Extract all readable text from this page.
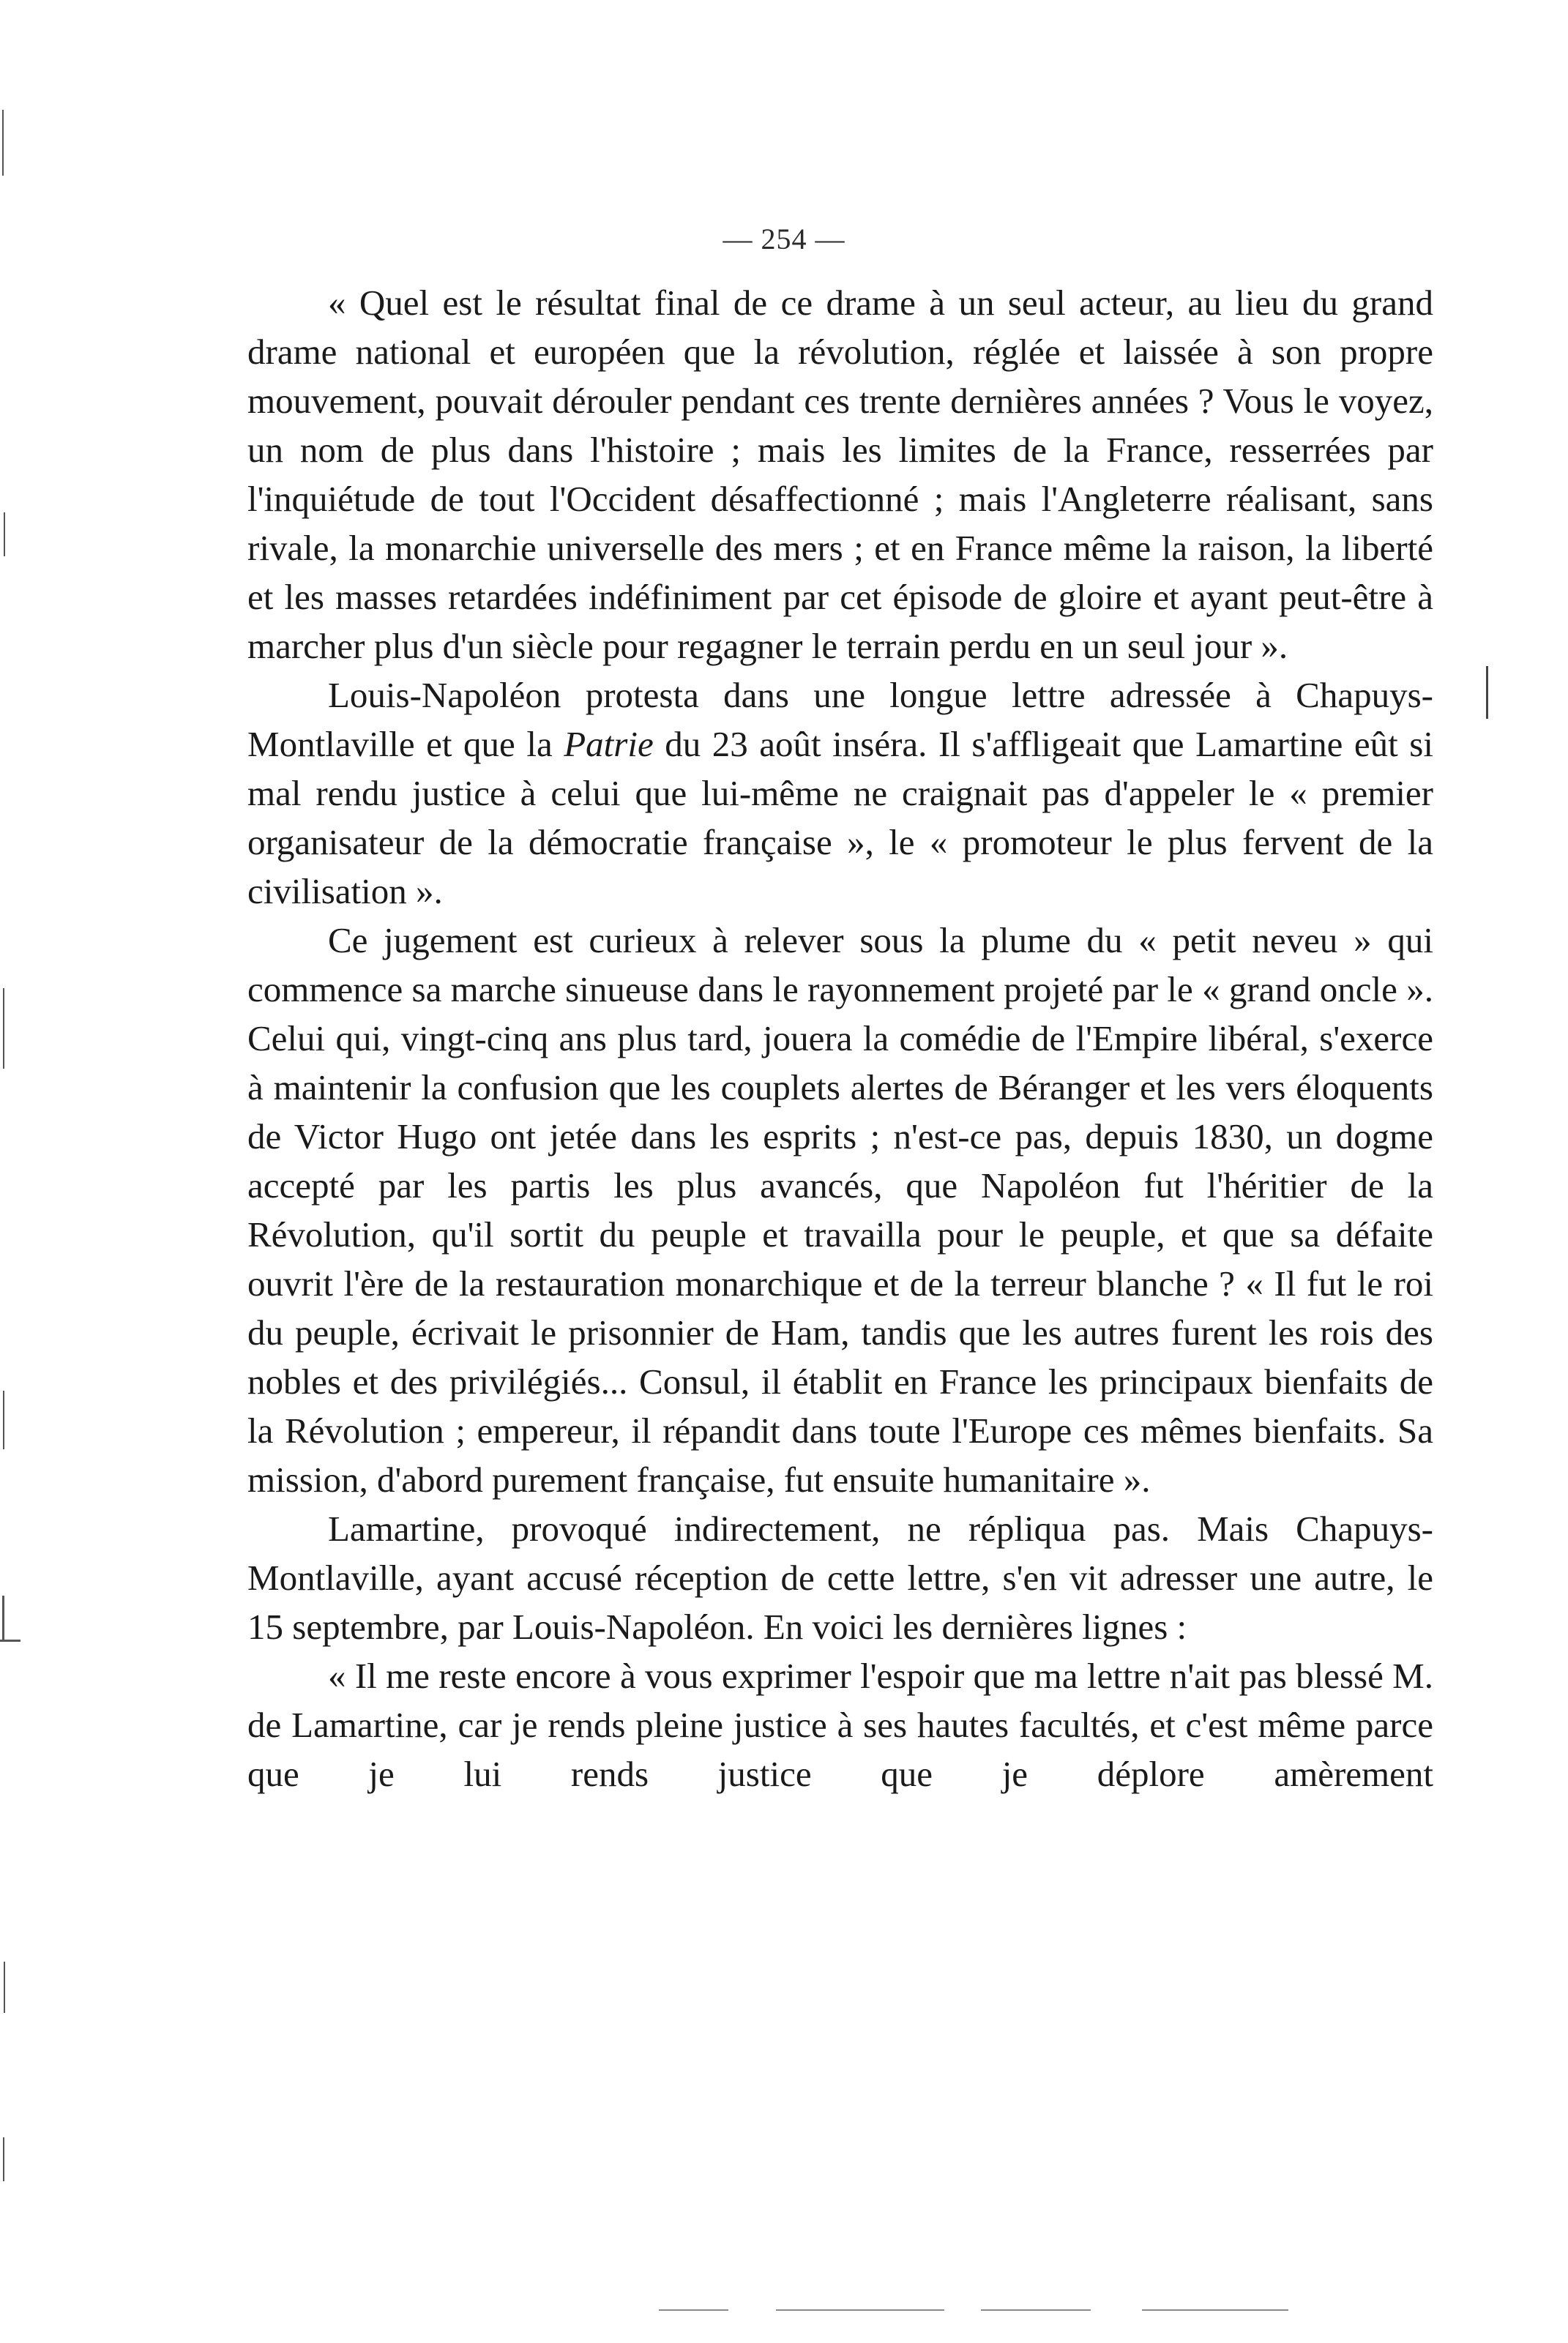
— 254 —

« Quel est le résultat final de ce drame à un seul acteur, au lieu du grand drame national et européen que la révolution, réglée et laissée à son propre mouvement, pouvait dérouler pendant ces trente dernières années ? Vous le voyez, un nom de plus dans l'histoire ; mais les limites de la France, resserrées par l'inquiétude de tout l'Occident désaffectionné ; mais l'Angleterre réalisant, sans rivale, la monarchie universelle des mers ; et en France même la raison, la liberté et les masses retardées indéfiniment par cet épisode de gloire et ayant peut-être à marcher plus d'un siècle pour regagner le terrain perdu en un seul jour ».

Louis-Napoléon protesta dans une longue lettre adressée à Chapuys-Montlaville et que la Patrie du 23 août inséra. Il s'affligeait que Lamartine eût si mal rendu justice à celui que lui-même ne craignait pas d'appeler le « premier organisateur de la démocratie française », le « promoteur le plus fervent de la civilisation ».

Ce jugement est curieux à relever sous la plume du « petit neveu » qui commence sa marche sinueuse dans le rayonnement projeté par le « grand oncle ». Celui qui, vingt-cinq ans plus tard, jouera la comédie de l'Empire libéral, s'exerce à maintenir la confusion que les couplets alertes de Béranger et les vers éloquents de Victor Hugo ont jetée dans les esprits ; n'est-ce pas, depuis 1830, un dogme accepté par les partis les plus avancés, que Napoléon fut l'héritier de la Révolution, qu'il sortit du peuple et travailla pour le peuple, et que sa défaite ouvrit l'ère de la restauration monarchique et de la terreur blanche ? « Il fut le roi du peuple, écrivait le prisonnier de Ham, tandis que les autres furent les rois des nobles et des privilégiés... Consul, il établit en France les principaux bienfaits de la Révolution ; empereur, il répandit dans toute l'Europe ces mêmes bienfaits. Sa mission, d'abord purement française, fut ensuite humanitaire ».

Lamartine, provoqué indirectement, ne répliqua pas. Mais Chapuys-Montlaville, ayant accusé réception de cette lettre, s'en vit adresser une autre, le 15 septembre, par Louis-Napoléon. En voici les dernières lignes :

« Il me reste encore à vous exprimer l'espoir que ma lettre n'ait pas blessé M. de Lamartine, car je rends pleine justice à ses hautes facultés, et c'est même parce que je lui rends justice que je déplore amèrement
